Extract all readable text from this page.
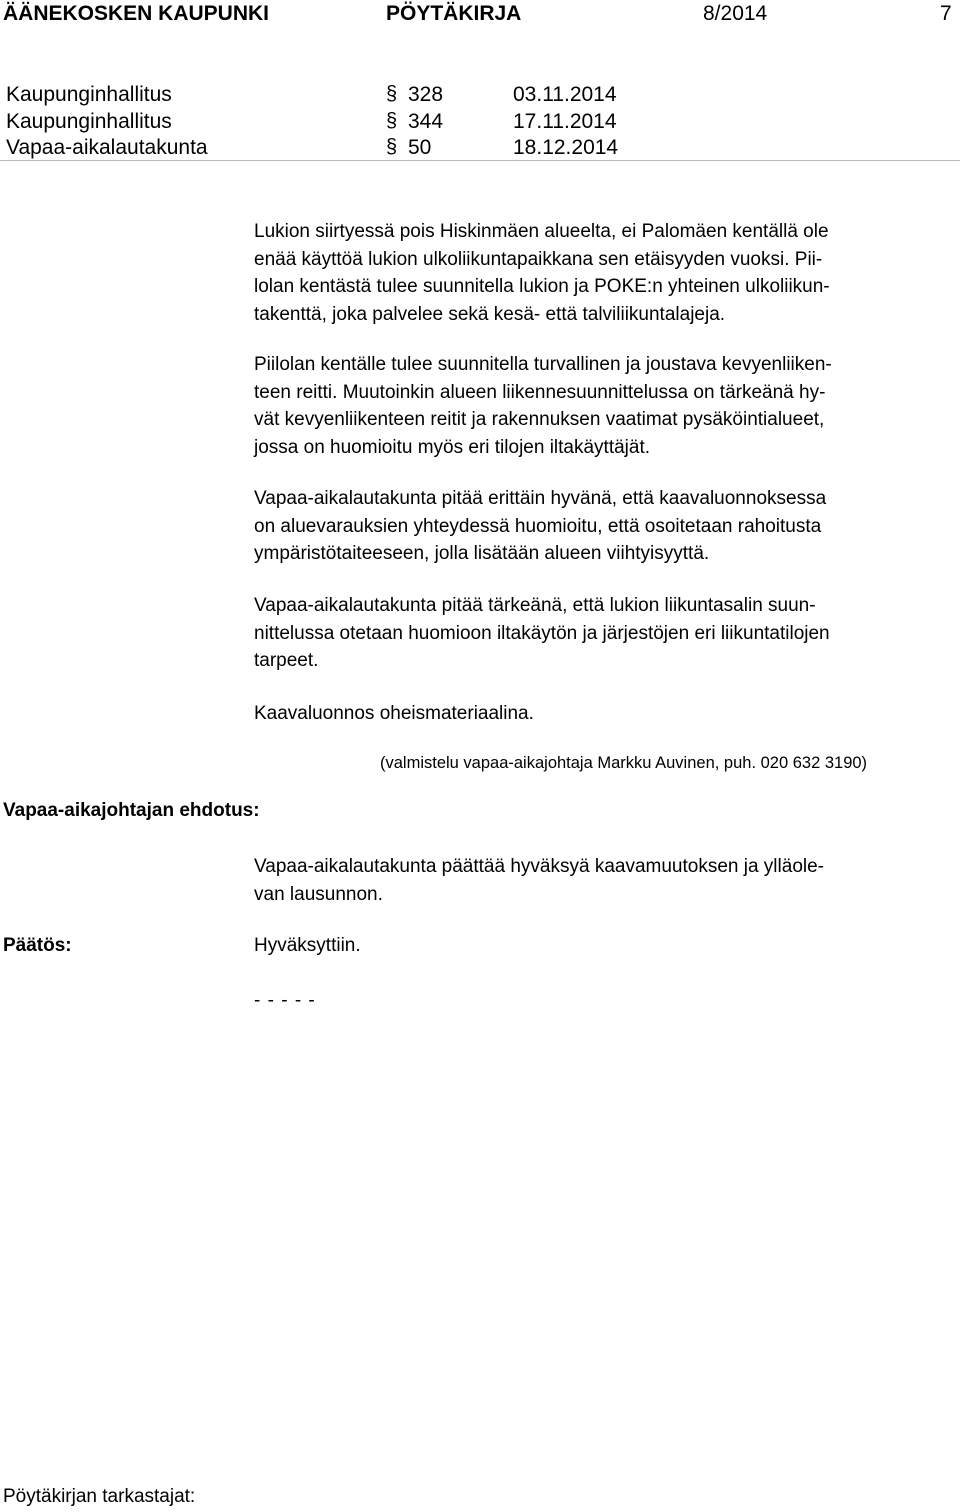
ÄÄNEKOSKEN KAUPUNKI	PÖYTÄKIRJA	8/2014	7
Kaupunginhallitus	§ 328	03.11.2014
Kaupunginhallitus	§ 344	17.11.2014
Vapaa-aikalautakunta	§ 50	18.12.2014
Lukion siirtyessä pois Hiskinmäen alueelta, ei Palomäen kentällä ole
enää käyttöä lukion ulkoliikuntapaikkana sen etäisyyden vuoksi. Pii-
lolan kentästä tulee suunnitella lukion ja POKE:n yhteinen ulkoliikun-
takenttä, joka palvelee sekä kesä- että talviliikuntalajeja.
Piilolan kentälle tulee suunnitella turvallinen ja joustava kevyenliiken-
teen reitti. Muutoinkin alueen liikennesuunnittelussa on tärkeänä hy-
vät kevyenliikenteen reitit ja rakennuksen vaatimat pysäköintialueet,
jossa on huomioitu myös eri tilojen iltakäyttäjät.
Vapaa-aikalautakunta pitää erittäin hyvänä, että kaavaluonnoksessa
on aluevarauksien yhteydessä huomioitu, että osoitetaan rahoitusta
ympäristötaiteeseen, jolla lisätään alueen viihtyisyyttä.
Vapaa-aikalautakunta pitää tärkeänä, että lukion liikuntasalin suun-
nittelussa otetaan huomioon iltakäytön ja järjestöjen eri liikuntatilojen
tarpeet.
Kaavaluonnos oheismateriaalina.
(valmistelu vapaa-aikajohtaja Markku Auvinen, puh. 020 632 3190)
Vapaa-aikajohtajan ehdotus:
Vapaa-aikalautakunta päättää hyväksyä kaavamuutoksen ja ylläole-
van lausunnon.
Päätös:	Hyväksyttiin.
- - - - -
Pöytäkirjan tarkastajat:
